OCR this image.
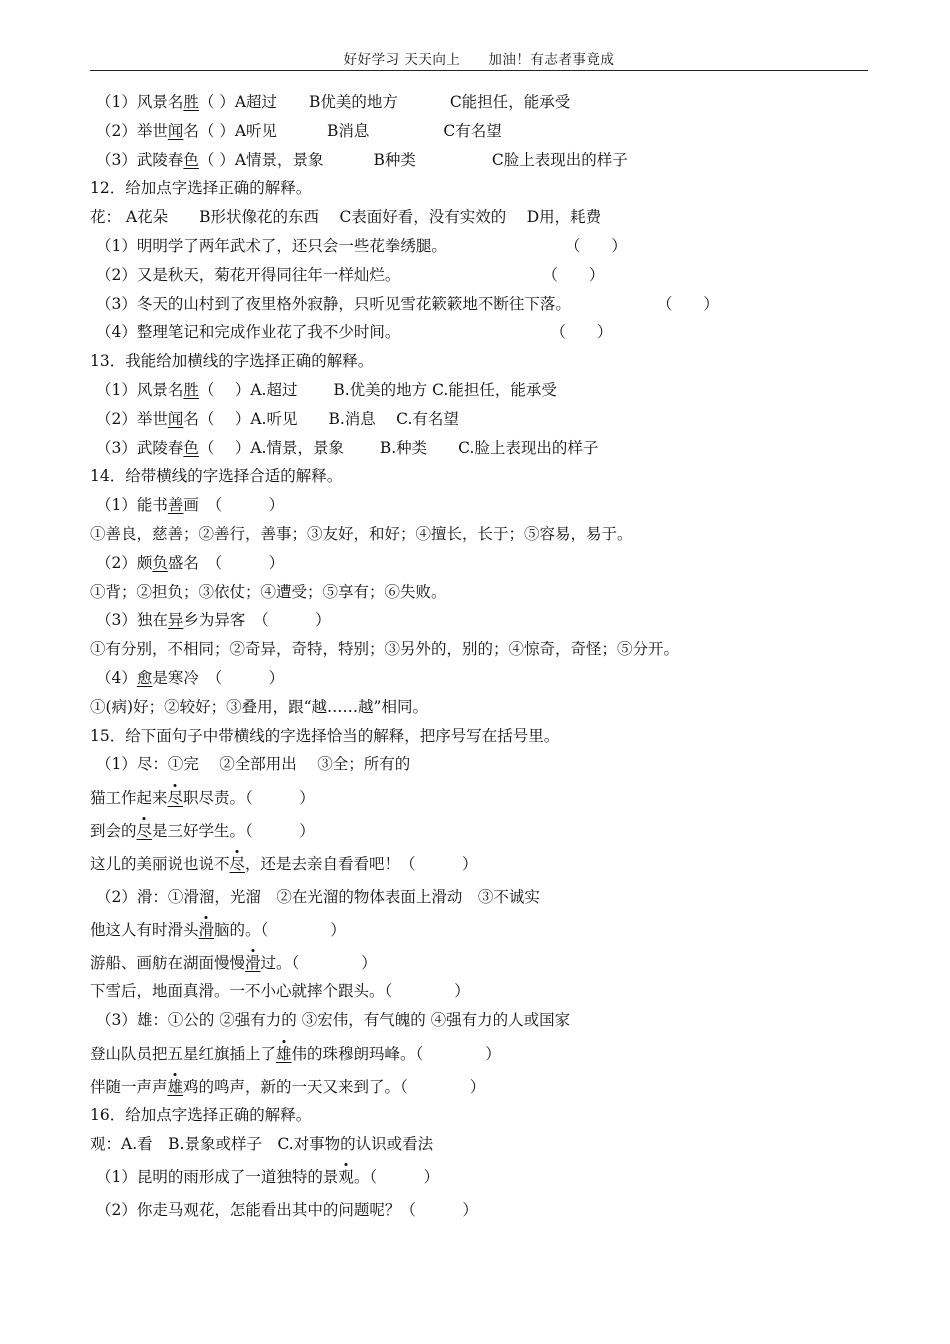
好好学习 天天向上 加油！有志者事竟成
（1）风景名胜（ ）A超过 B优美的地方	C能担任，能承受
（2）举世闻名（ ）A听见	B消息	C有名望
（3）武陵春色（ ）A情景，景象	B种类	C脸上表现出的样子
12．给加点字选择正确的解释。
花： A花朵　　B形状像花的东西　 C表面好看，没有实效的　 D用，耗费
（1）明明学了两年武术了，还只会一些花拳绣腿。	（　　）
（2）又是秋天，菊花开得同往年一样灿烂。	（　　）
（3）冬天的山村到了夜里格外寂静，只听见雪花簌簌地不断往下落。	（　　）
（4）整理笔记和完成作业花了我不少时间。	（　　）
13．我能给加横线的字选择正确的解释。
（1）风景名胜（　 ）A.超过　　 B.优美的地方 C.能担任，能承受
（2）举世闻名（　 ）A.听见　　B.消息　 C.有名望
（3）武陵春色（　 ）A.情景，景象　　 B.种类　　C.脸上表现出的样子
14．给带横线的字选择合适的解释。
（1）能书善画　（　　　）
①善良，慈善；②善行，善事；③友好，和好；④擅长，长于；⑤容易，易于。
（2）颇负盛名　（　　　）
①背；②担负；③依仗；④遭受；⑤享有；⑥失败。
（3）独在异乡为异客　（　　　）
①有分别，不相同；②奇异，奇特，特别；③另外的，别的；④惊奇，奇怪；⑤分开。
（4）愈是寒冷　（　　　）
①(病)好；②较好；③叠用，跟“越……越”相同。
15．给下面句子中带横线的字选择恰当的解释，把序号写在括号里。
（1）尽：①完　 ②全部用出　 ③全；所有的
猫工作起来尽职尽责。（　　　）
到会的尽是三好学生。（　　　）
这儿的美丽说也说不尽，还是去亲自看看吧！（　　　）
（2）滑：①滑溜，光溜　②在光溜的物体表面上滑动　③不诚实
他这人有时滑头滑脑的。（　　　　）
游船、画舫在湖面慢慢滑过。（　　　　）
下雪后，地面真滑。一不小心就摔个跟头。（　　　　）
（3）雄：①公的 ②强有力的 ③宏伟，有气魄的 ④强有力的人或国家
登山队员把五星红旗插上了雄伟的珠穆朗玛峰。（　　　　）
伴随一声声雄鸡的鸣声，新的一天又来到了。（　　　　）
16．给加点字选择正确的解释。
观：A.看　B.景象或样子　C.对事物的认识或看法
（1）昆明的雨形成了一道独特的景观。（　　　）
（2）你走马观花，怎能看出其中的问题呢？（　　　）
